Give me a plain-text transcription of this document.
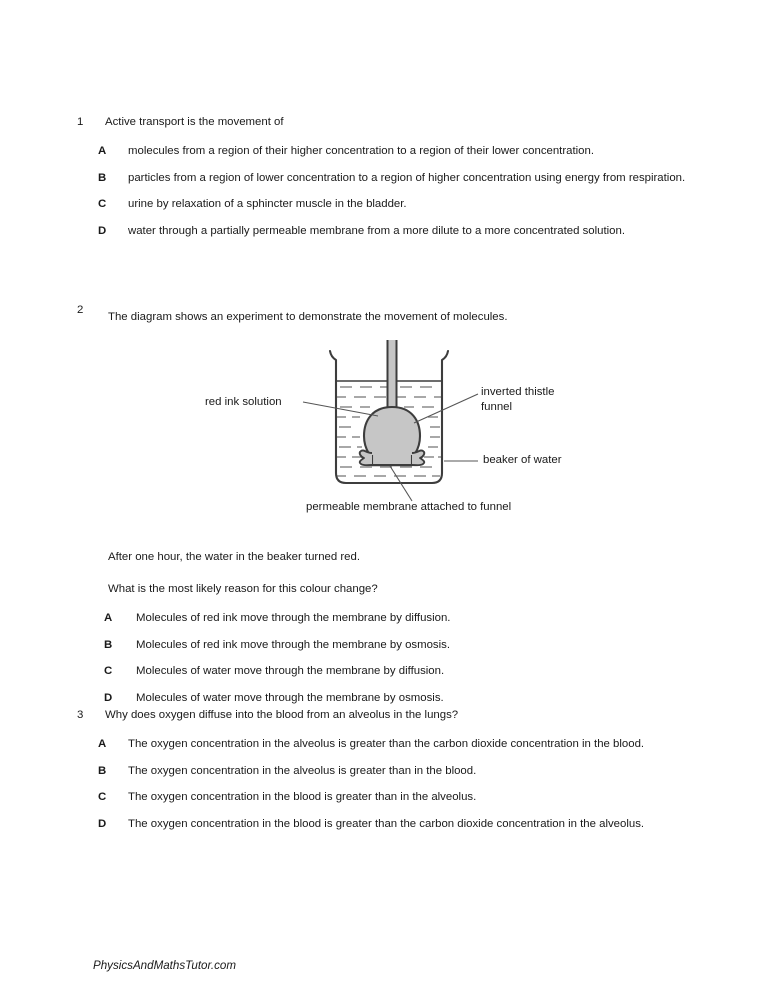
1	Active transport is the movement of
A molecules from a region of their higher concentration to a region of their lower concentration.
B particles from a region of lower concentration to a region of higher concentration using energy from respiration.
C urine by relaxation of a sphincter muscle in the bladder.
D water through a partially permeable membrane from a more dilute to a more concentrated solution.
2
The diagram shows an experiment to demonstrate the movement of molecules.
red ink solution
inverted thistle
funnel
beaker of water
permeable membrane attached to funnel
After one hour, the water in the beaker turned red.
What is the most likely reason for this colour change?
A Molecules of red ink move through the membrane by diffusion.
B Molecules of red ink move through the membrane by osmosis.
C Molecules of water move through the membrane by diffusion.
D Molecules of water move through the membrane by osmosis.
3	Why does oxygen diffuse into the blood from an alveolus in the lungs?
A The oxygen concentration in the alveolus is greater than the carbon dioxide concentration in the blood.
B The oxygen concentration in the alveolus is greater than in the blood.
C The oxygen concentration in the blood is greater than in the alveolus.
D The oxygen concentration in the blood is greater than the carbon dioxide concentration in the alveolus.
PhysicsAndMathsTutor.com
